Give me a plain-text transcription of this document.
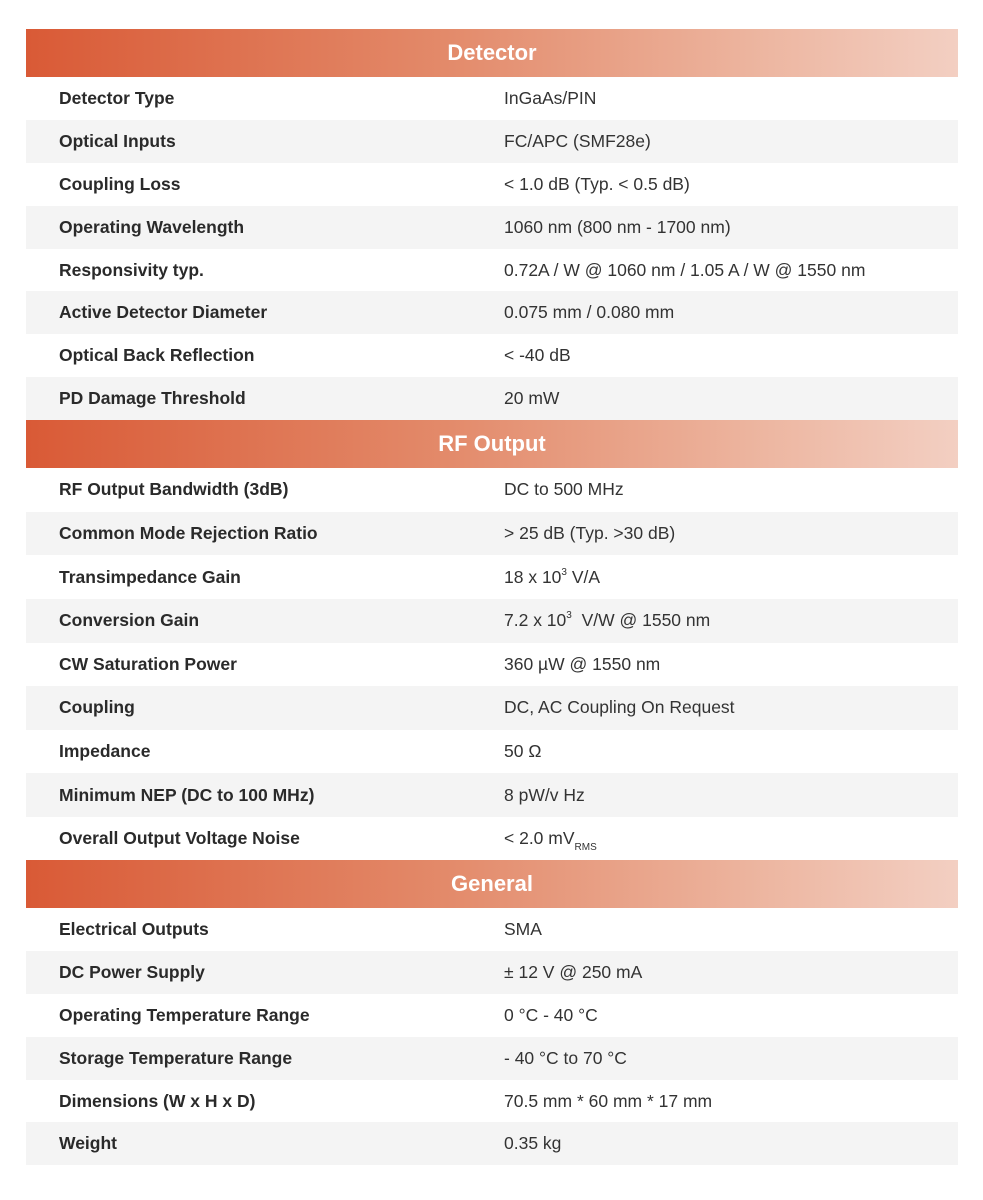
Detector
Detector Type	InGaAs/PIN
Optical Inputs	FC/APC (SMF28e)
Coupling Loss	< 1.0 dB (Typ. < 0.5 dB)
Operating Wavelength	1060 nm (800 nm - 1700 nm)
Responsivity typ.	0.72A / W @ 1060 nm / 1.05 A / W @ 1550 nm
Active Detector Diameter	0.075 mm / 0.080 mm
Optical Back Reflection	< -40 dB
PD Damage Threshold	20 mW
RF Output
RF Output Bandwidth (3dB)	DC to 500 MHz
Common Mode Rejection Ratio	> 25 dB (Typ. >30 dB)
Transimpedance Gain	18 x $10^3$ V/A
Conversion Gain	7.2 x $10^3$  V/W @ 1550 nm
CW Saturation Power	360 µW @ 1550 nm
Coupling	DC, AC Coupling On Request
Impedance	50 Ω
Minimum NEP (DC to 100 MHz)	8 pW/v Hz
Overall Output Voltage Noise	< 2.0 $mV_{RMS}$
General
Electrical Outputs	SMA
DC Power Supply	± 12 V @ 250 mA
Operating Temperature Range	0 °C - 40 °C
Storage Temperature Range	- 40 °C to 70 °C
Dimensions (W x H x D)	70.5 mm * 60 mm * 17 mm
Weight	0.35 kg
